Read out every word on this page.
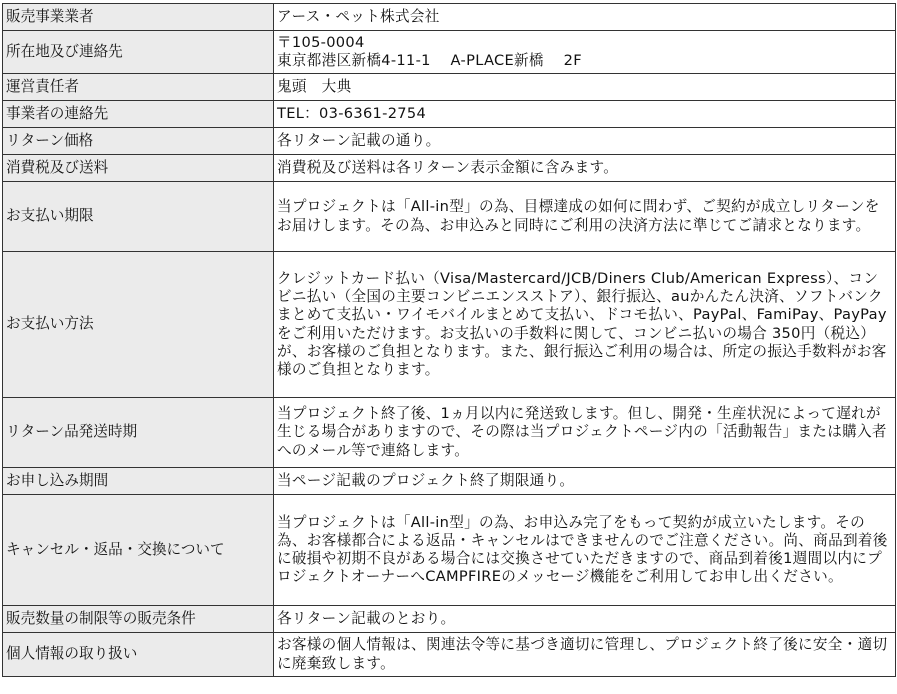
販売事業業者	アース・ペット株式会社
所在地及び連絡先	〒105-0004
東京都港区新橋4-11-1　 A-PLACE新橋　 2F

運営責任者	鬼頭　大典
事業者の連絡先	TEL：03-6361-2754
リターン価格	各リターン記載の通り。
消費税及び送料	消費税及び送料は各リターン表示金額に含みます。
お支払い期限	当プロジェクトは「All-in型」の為、目標達成の如何に問わず、ご契約が成立しリターンをお届けします。その為、お申込みと同時にご利用の決済方法に準じてご請求となります。
お支払い方法	クレジットカード払い（Visa/Mastercard/JCB/Diners Club/American Express）、コンビニ払い（全国の主要コンビニエンスストア）、銀行振込、auかんたん決済、ソフトバンクまとめて支払い・ワイモバイルまとめて支払い、ドコモ払い、PayPal、FamiPay、PayPayをご利用いただけます。お支払いの手数料に関して、コンビニ払いの場合 350円（税込）が、お客様のご負担となります。また、銀行振込ご利用の場合は、所定の振込手数料がお客様のご負担となります。
リターン品発送時期	当プロジェクト終了後、1ヵ月以内に発送致します。但し、開発・生産状況によって遅れが生じる場合がありますので、その際は当プロジェクトページ内の「活動報告」または購入者へのメール等で連絡します。
お申し込み期間	当ページ記載のプロジェクト終了期限通り。
キャンセル・返品・交換について	当プロジェクトは「All-in型」の為、お申込み完了をもって契約が成立いたします。その為、お客様都合による返品・キャンセルはできませんのでご注意ください。尚、商品到着後に破損や初期不良がある場合には交換させていただきますので、商品到着後1週間以内にプロジェクトオーナーへCAMPFIREのメッセージ機能をご利用してお申し出ください。
販売数量の制限等の販売条件	各リターン記載のとおり。
個人情報の取り扱い	お客様の個人情報は、関連法令等に基づき適切に管理し、プロジェクト終了後に安全・適切に廃棄致します。
